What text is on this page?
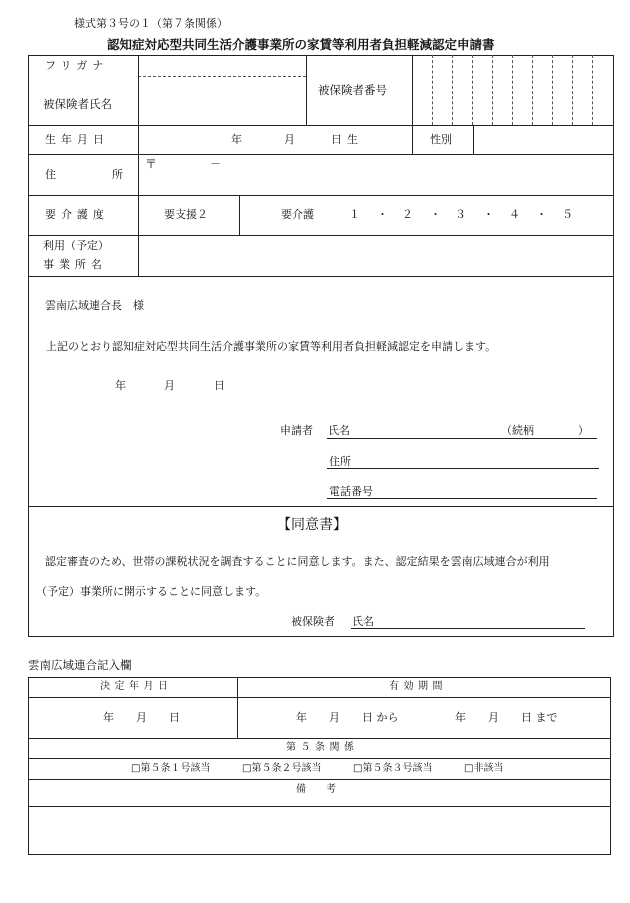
様式第３号の１（第７条関係）
認知症対応型共同生活介護事業所の家賃等利用者負担軽減認定申請書
フリガナ
被保険者氏名
被保険者番号
生年月日	年	月	日生	性別
住	所
〒	－
要介護度	要支援２	要介護	１ ・ ２ ・ ３ ・ ４ ・ ５
利用（予定）
事業所名
雲南広域連合長　様
上記のとおり認知症対応型共同生活介護事業所の家賃等利用者負担軽減認定を申請します。
年	月	日
申請者 氏名	（続柄　　　　）
住所
電話番号
【同意書】
認定審査のため、世帯の課税状況を調査することに同意します。また、認定結果を雲南広域連合が利用
（予定）事業所に開示することに同意します。
被保険者 氏名
雲南広域連合記入欄
決定年月日	有効期間
年　　月　　日	年　　月　　日 から	年　　月　　日 まで
第５条関係
□第５条１号該当	□第５条２号該当	□第５条３号該当	□非該当
備　　考
